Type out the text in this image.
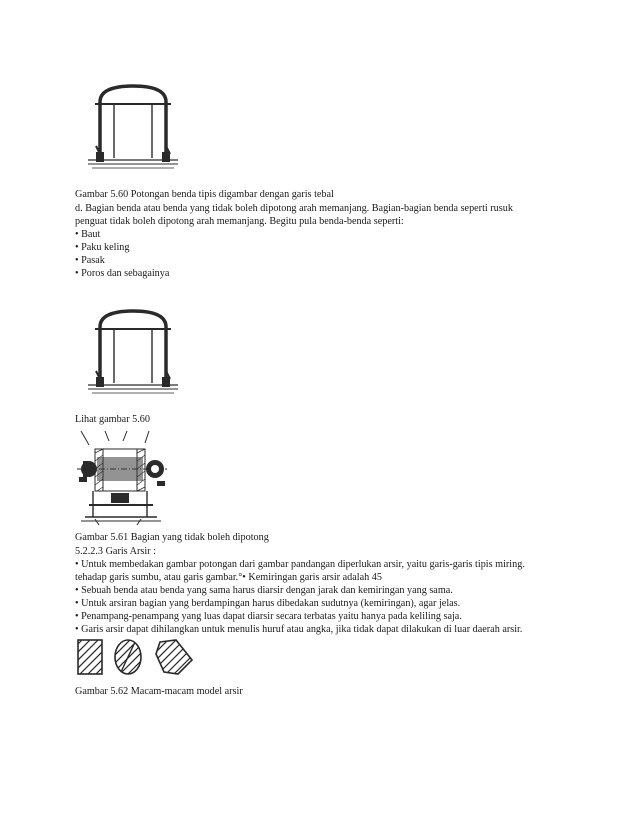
Gambar 5.60 Potongan benda tipis digambar dengan garis tebal
d. Bagian benda atau benda yang tidak boleh dipotong arah memanjang. Bagian-bagian benda seperti rusuk
penguat tidak boleh dipotong arah memanjang. Begitu pula benda-benda seperti:
• Baut
• Paku keling
• Pasak
• Poros dan sebagainya
Lihat gambar 5.60
Gambar 5.61 Bagian yang tidak boleh dipotong
5.2.2.3 Garis Arsir :
• Untuk membedakan gambar potongan dari gambar pandangan diperlukan arsir, yaitu garis-garis tipis miring.
tehadap garis sumbu, atau garis gambar.°• Kemiringan garis arsir adalah 45
• Sebuah benda atau benda yang sama harus diarsir dengan jarak dan kemiringan yang sama.
• Untuk arsiran bagian yang berdampingan harus dibedakan sudutnya (kemiringan), agar jelas.
• Penampang-penampang yang luas dapat diarsir secara terbatas yaitu hanya pada keliling saja.
• Garis arsir dapat dihilangkan untuk menulis huruf atau angka, jika tidak dapat dilakukan di luar daerah arsir.
Gambar 5.62 Macam-macam model arsir
